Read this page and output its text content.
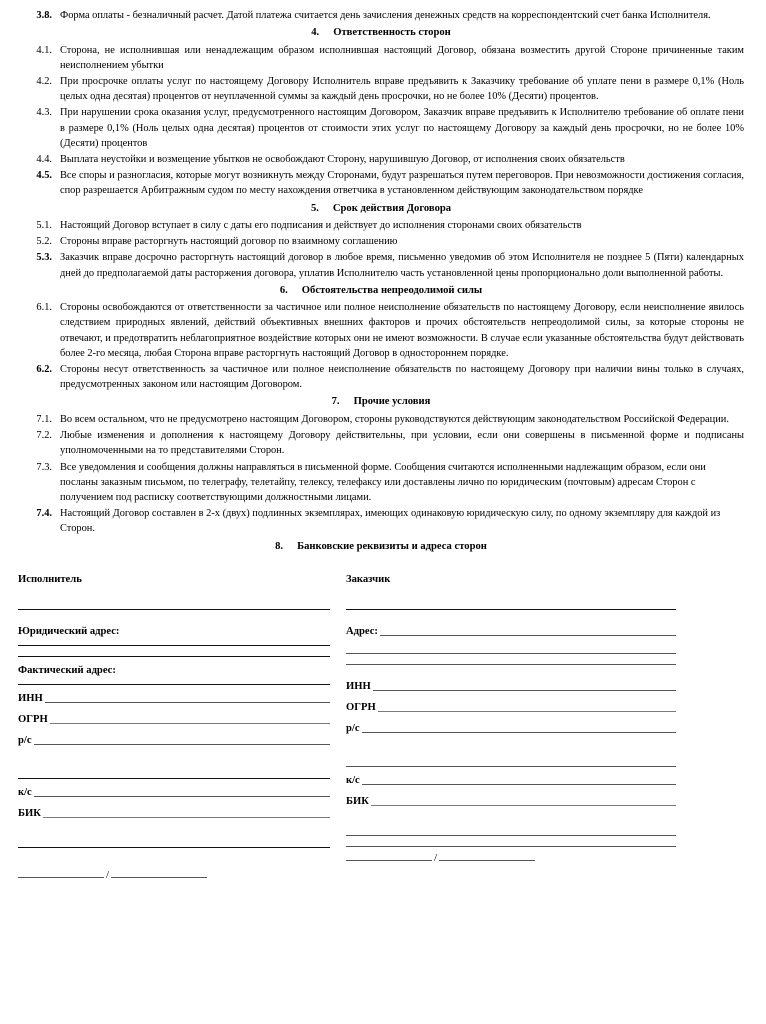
3.8. Форма оплаты - безналичный расчет. Датой платежа считается день зачисления денежных средств на корреспондентский счет банка Исполнителя.
4. Ответственность сторон
4.1. Сторона, не исполнившая или ненадлежащим образом исполнившая настоящий Договор, обязана возместить другой Стороне причиненные таким неисполнением убытки
4.2. При просрочке оплаты услуг по настоящему Договору Исполнитель вправе предъявить к Заказчику требование об уплате пени в размере 0,1% (Ноль целых одна десятая) процентов от неуплаченной суммы за каждый день просрочки, но не более 10% (Десяти) процентов.
4.3. При нарушении срока оказания услуг, предусмотренного настоящим Договором, Заказчик вправе предъявить к Исполнителю требование об оплате пени в размере 0,1% (Ноль целых одна десятая) процентов от стоимости этих услуг по настоящему Договору за каждый день просрочки, но не более 10% (Десяти) процентов
4.4. Выплата неустойки и возмещение убытков не освобождают Сторону, нарушившую Договор, от исполнения своих обязательств
4.5. Все споры и разногласия, которые могут возникнуть между Сторонами, будут разрешаться путем переговоров. При невозможности достижения согласия, спор разрешается Арбитражным судом по месту нахождения ответчика в установленном действующим законодательством порядке
5. Срок действия Договора
5.1. Настоящий Договор вступает в силу с даты его подписания и действует до исполнения сторонами своих обязательств
5.2. Стороны вправе расторгнуть настоящий договор по взаимному соглашению
5.3. Заказчик вправе досрочно расторгнуть настоящий договор в любое время, письменно уведомив об этом Исполнителя не позднее 5 (Пяти) календарных дней до предполагаемой даты расторжения договора, уплатив Исполнителю часть установленной цены пропорционально доли выполненной работы.
6. Обстоятельства непреодолимой силы
6.1. Стороны освобождаются от ответственности за частичное или полное неисполнение обязательств по настоящему Договору, если неисполнение явилось следствием природных явлений, действий объективных внешних факторов и прочих обстоятельств непреодолимой силы, за которые стороны не отвечают, и предотвратить неблагоприятное воздействие которых они не имеют возможности. В случае если указанные обстоятельства будут действовать более 2-го месяца, любая Сторона вправе расторгнуть настоящий Договор в одностороннем порядке.
6.2. Стороны несут ответственность за частичное или полное неисполнение обязательств по настоящему Договору при наличии вины только в случаях, предусмотренных законом или настоящим Договором.
7. Прочие условия
7.1. Во всем остальном, что не предусмотрено настоящим Договором, стороны руководствуются действующим законодательством Российской Федерации.
7.2. Любые изменения и дополнения к настоящему Договору действительны, при условии, если они совершены в письменной форме и подписаны уполномоченными на то представителями Сторон.
7.3. Все уведомления и сообщения должны направляться в письменной форме. Сообщения считаются исполненными надлежащим образом, если они посланы заказным письмом, по телеграфу, телетайпу, телексу, телефаксу или доставлены лично по юридическим (почтовым) адресам Сторон с получением под расписку соответствующими должностными лицами.
7.4. Настоящий Договор составлен в 2-х (двух) подлинных экземплярах, имеющих одинаковую юридическую силу, по одному экземпляру для каждой из Сторон.
8. Банковские реквизиты и адреса сторон
Исполнитель
Юридический адрес:
Фактический адрес:
ИНН
ОГРН
р/с
к/с
БИК
/
Заказчик
Адрес:
ИНН
ОГРН
р/с
к/с
БИК
/
